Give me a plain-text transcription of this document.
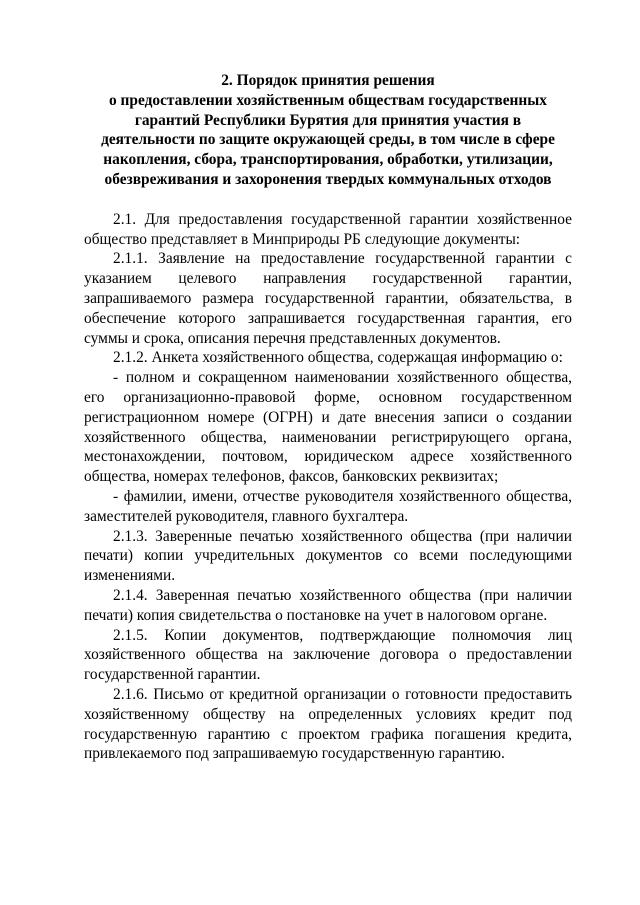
2. Порядок принятия решения
о предоставлении хозяйственным обществам государственных
гарантий Республики Бурятия для принятия участия в
деятельности по защите окружающей среды, в том числе в сфере
накопления, сбора, транспортирования, обработки, утилизации,
обезвреживания и захоронения твердых коммунальных отходов

2.1. Для предоставления государственной гарантии хозяйственное общество представляет в Минприроды РБ следующие документы:

2.1.1. Заявление на предоставление государственной гарантии с указанием целевого направления государственной гарантии, запрашиваемого размера государственной гарантии, обязательства, в обеспечение которого запрашивается государственная гарантия, его суммы и срока, описания перечня представленных документов.

2.1.2. Анкета хозяйственного общества, содержащая информацию о:

- полном и сокращенном наименовании хозяйственного общества, его организационно-правовой форме, основном государственном регистрационном номере (ОГРН) и дате внесения записи о создании хозяйственного общества, наименовании регистрирующего органа, местонахождении, почтовом, юридическом адресе хозяйственного общества, номерах телефонов, факсов, банковских реквизитах;

- фамилии, имени, отчестве руководителя хозяйственного общества, заместителей руководителя, главного бухгалтера.

2.1.3. Заверенные печатью хозяйственного общества (при наличии печати) копии учредительных документов со всеми последующими изменениями.

2.1.4. Заверенная печатью хозяйственного общества (при наличии печати) копия свидетельства о постановке на учет в налоговом органе.

2.1.5. Копии документов, подтверждающие полномочия лиц хозяйственного общества на заключение договора о предоставлении государственной гарантии.

2.1.6. Письмо от кредитной организации о готовности предоставить хозяйственному обществу на определенных условиях кредит под государственную гарантию с проектом графика погашения кредита, привлекаемого под запрашиваемую государственную гарантию.
